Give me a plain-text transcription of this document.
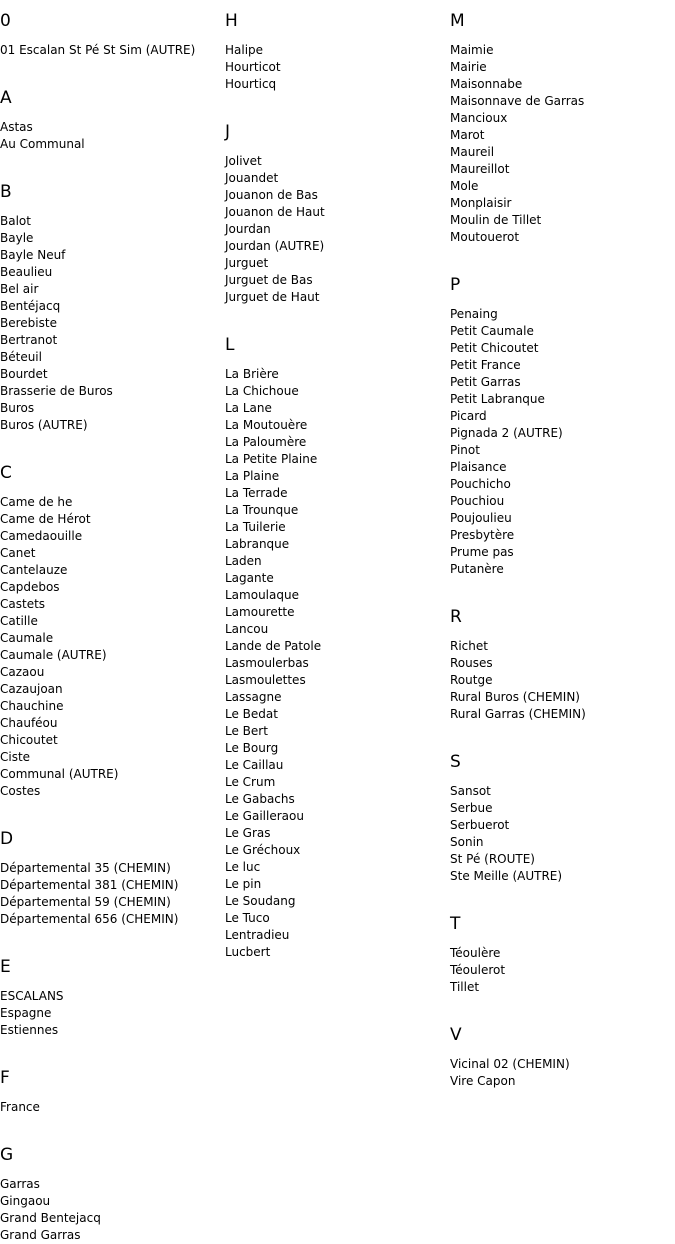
0
01 Escalan St Pé St Sim (AUTRE)
A
Astas
Au Communal
B
Balot
Bayle
Bayle Neuf
Beaulieu
Bel air
Bentéjacq
Berebiste
Bertranot
Béteuil
Bourdet
Brasserie de Buros
Buros
Buros (AUTRE)
C
Came de he
Came de Hérot
Camedaouille
Canet
Cantelauze
Capdebos
Castets
Catille
Caumale
Caumale (AUTRE)
Cazaou
Cazaujoan
Chauchine
Chauféou
Chicoutet
Ciste
Communal (AUTRE)
Costes
D
Départemental 35 (CHEMIN)
Départemental 381 (CHEMIN)
Départemental 59 (CHEMIN)
Départemental 656 (CHEMIN)
E
ESCALANS
Espagne
Estiennes
F
France
G
Garras
Gingaou
Grand Bentejacq
Grand Garras
H
Halipe
Hourticot
Hourticq
J
Jolivet
Jouandet
Jouanon de Bas
Jouanon de Haut
Jourdan
Jourdan (AUTRE)
Jurguet
Jurguet de Bas
Jurguet de Haut
L
La Brière
La Chichoue
La Lane
La Moutouère
La Paloumère
La Petite Plaine
La Plaine
La Terrade
La Trounque
La Tuilerie
Labranque
Laden
Lagante
Lamoulaque
Lamourette
Lancou
Lande de Patole
Lasmoulerbas
Lasmoulettes
Lassagne
Le Bedat
Le Bert
Le Bourg
Le Caillau
Le Crum
Le Gabachs
Le Gailleraou
Le Gras
Le Gréchoux
Le luc
Le pin
Le Soudang
Le Tuco
Lentradieu
Lucbert
M
Maimie
Mairie
Maisonnabe
Maisonnave de Garras
Mancioux
Marot
Maureil
Maureillot
Mole
Monplaisir
Moulin de Tillet
Moutouerot
P
Penaing
Petit Caumale
Petit Chicoutet
Petit France
Petit Garras
Petit Labranque
Picard
Pignada 2 (AUTRE)
Pinot
Plaisance
Pouchicho
Pouchiou
Poujoulieu
Presbytère
Prume pas
Putanère
R
Richet
Rouses
Routge
Rural Buros (CHEMIN)
Rural Garras (CHEMIN)
S
Sansot
Serbue
Serbuerot
Sonin
St Pé (ROUTE)
Ste Meille (AUTRE)
T
Téoulère
Téoulerot
Tillet
V
Vicinal 02 (CHEMIN)
Vire Capon
